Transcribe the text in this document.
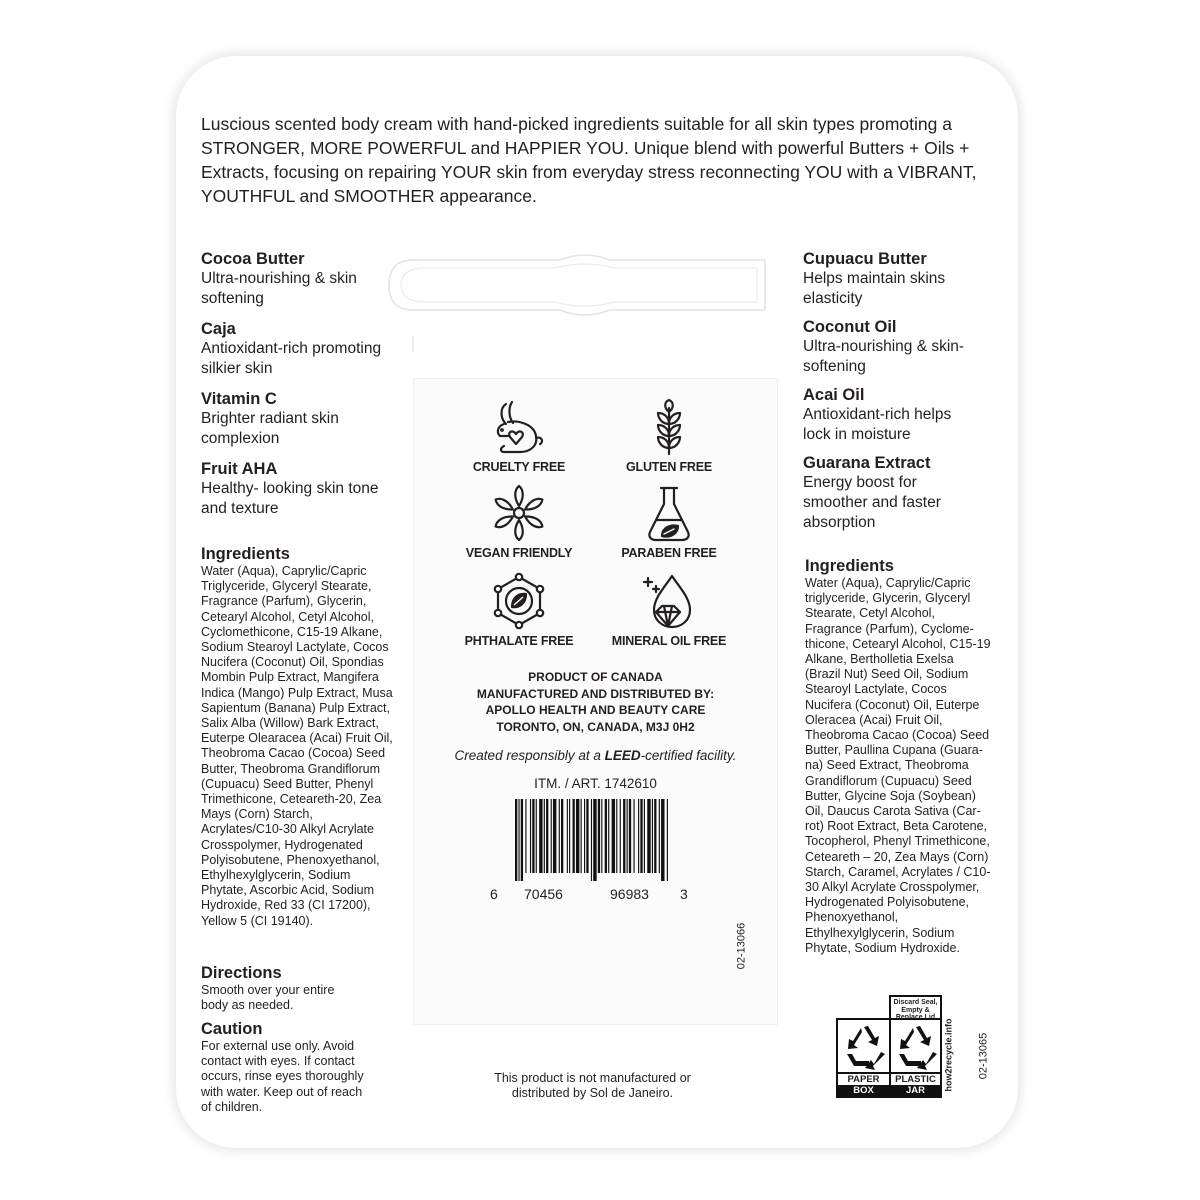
Luscious scented body cream with hand-picked ingredients suitable for all skin types promoting a STRONGER, MORE POWERFUL and HAPPIER YOU. Unique blend with powerful Butters + Oils + Extracts, focusing on repairing YOUR skin from everyday stress reconnecting YOU with a VIBRANT, YOUTHFUL and SMOOTHER appearance.
Cocoa Butter
Ultra-nourishing & skin softening
Caja
Antioxidant-rich promoting silkier skin
Vitamin C
Brighter radiant skin complexion
Fruit AHA
Healthy- looking skin tone and texture
Ingredients
Water (Aqua), Caprylic/Capric Triglyceride, Glyceryl Stearate, Fragrance (Parfum), Glycerin, Cetearyl Alcohol, Cetyl Alcohol, Cyclomethicone, C15-19 Alkane, Sodium Stearoyl Lactylate, Cocos Nucifera (Coconut) Oil, Spondias Mombin Pulp Extract, Mangifera Indica (Mango) Pulp Extract, Musa Sapientum (Banana) Pulp Extract, Salix Alba (Willow) Bark Extract, Euterpe Olearacea (Acai) Fruit Oil, Theobroma Cacao (Cocoa) Seed Butter, Theobroma Grandiflorum (Cupuacu) Seed Butter, Phenyl Trimethicone, Ceteareth-20, Zea Mays (Corn) Starch, Acrylates/C10-30 Alkyl Acrylate Crosspolymer, Hydrogenated Polyisobutene, Phenoxyethanol, Ethylhexylglycerin, Sodium Phytate, Ascorbic Acid, Sodium Hydroxide, Red 33 (CI 17200), Yellow 5 (CI 19140).
Directions
Smooth over your entire body as needed.
Caution
For external use only. Avoid contact with eyes. If contact occurs, rinse eyes thoroughly with water. Keep out of reach of children.
Cupuacu Butter
Helps maintain skins elasticity
Coconut Oil
Ultra-nourishing & skin-softening
Acai Oil
Antioxidant-rich helps lock in moisture
Guarana Extract
Energy boost for smoother and faster absorption
Ingredients
Water (Aqua), Caprylic/Capric triglyceride, Glycerin, Glyceryl Stearate, Cetyl Alcohol, Fragrance (Parfum), Cyclome-thicone, Cetearyl Alcohol, C15-19 Alkane, Bertholletia Exelsa (Brazil Nut) Seed Oil, Sodium Stearoyl Lactylate, Cocos Nucifera (Coconut) Oil, Euterpe Oleracea (Acai) Fruit Oil, Theobroma Cacao (Cocoa) Seed Butter, Paullina Cupana (Guara-na) Seed Extract, Theobroma Grandiflorum (Cupuacu) Seed Butter, Glycine Soja (Soybean) Oil, Daucus Carota Sativa (Car-rot) Root Extract, Beta Carotene, Tocopherol, Phenyl Trimethicone, Ceteareth – 20, Zea Mays (Corn) Starch, Caramel, Acrylates / C10-30 Alkyl Acrylate Crosspolymer, Hydrogenated Polyisobutene, Phenoxyethanol, Ethylhexylglycerin, Sodium Phytate, Sodium Hydroxide.
CRUELTY FREE	GLUTEN FREE
VEGAN FRIENDLY	PARABEN FREE
PHTHALATE FREE	MINERAL OIL FREE
PRODUCT OF CANADA
MANUFACTURED AND DISTRIBUTED BY:
APOLLO HEALTH AND BEAUTY CARE
TORONTO, ON, CANADA, M3J 0H2
Created responsibly at a LEED-certified facility.
ITM. / ART. 1742610
6 70456	96983 3
02-13066
02-13065
This product is not manufactured or distributed by Sol de Janeiro.
Discard Seal, Empty &
PAPER
BOX
PLASTIC
JAR	how2recycle.info
